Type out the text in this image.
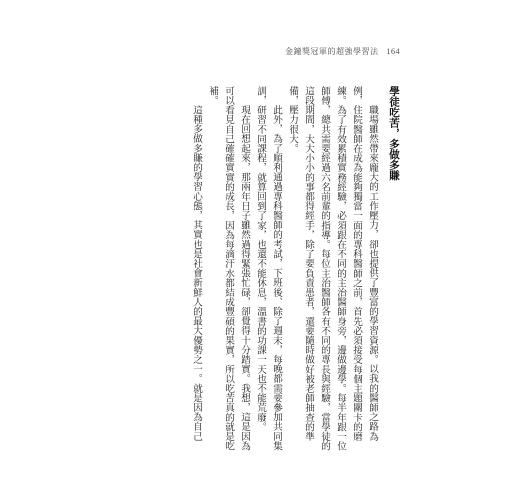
金鐘獎冠軍的超強學習法 164
學徒吃苦，多做多賺

職場雖然帶來龐大的工作壓力，卻也提供了豐富的學習資源。以我的醫師之路為例，住院醫師在成為能夠獨當一面的專科醫師之前，首先必須接受每個主題關卡的磨練。為了有效累積實務經驗，必須跟在不同的主治醫師身旁，邊做邊學。每半年跟一位師傅，總共需要經過六名前輩的指導。每位主治醫師各有不同的專長與經驗，當學徒的這段期間，大大小小的事都得經手，除了要負責患者，還要隨時做好被老師抽查的準備，壓力很大。

此外，為了順利通過專科醫師的考試，下班後、除了週末，每晚都需要參加共同集訓，研習不同課程，就算回到了家，也還不能休息，溫書的功課一天也不能荒廢。

現在回想起來，那兩年日子雖然過得緊張忙碌，卻覺得十分踏實。我想，這是因為可以看見自己確確實實的成長，因為每滴汗水都結成豐碩的果實，所以吃苦真的就是吃補。

這種多做多賺的學習心態，其實也是社會新鮮人的最大優勢之一。就是因為自己
